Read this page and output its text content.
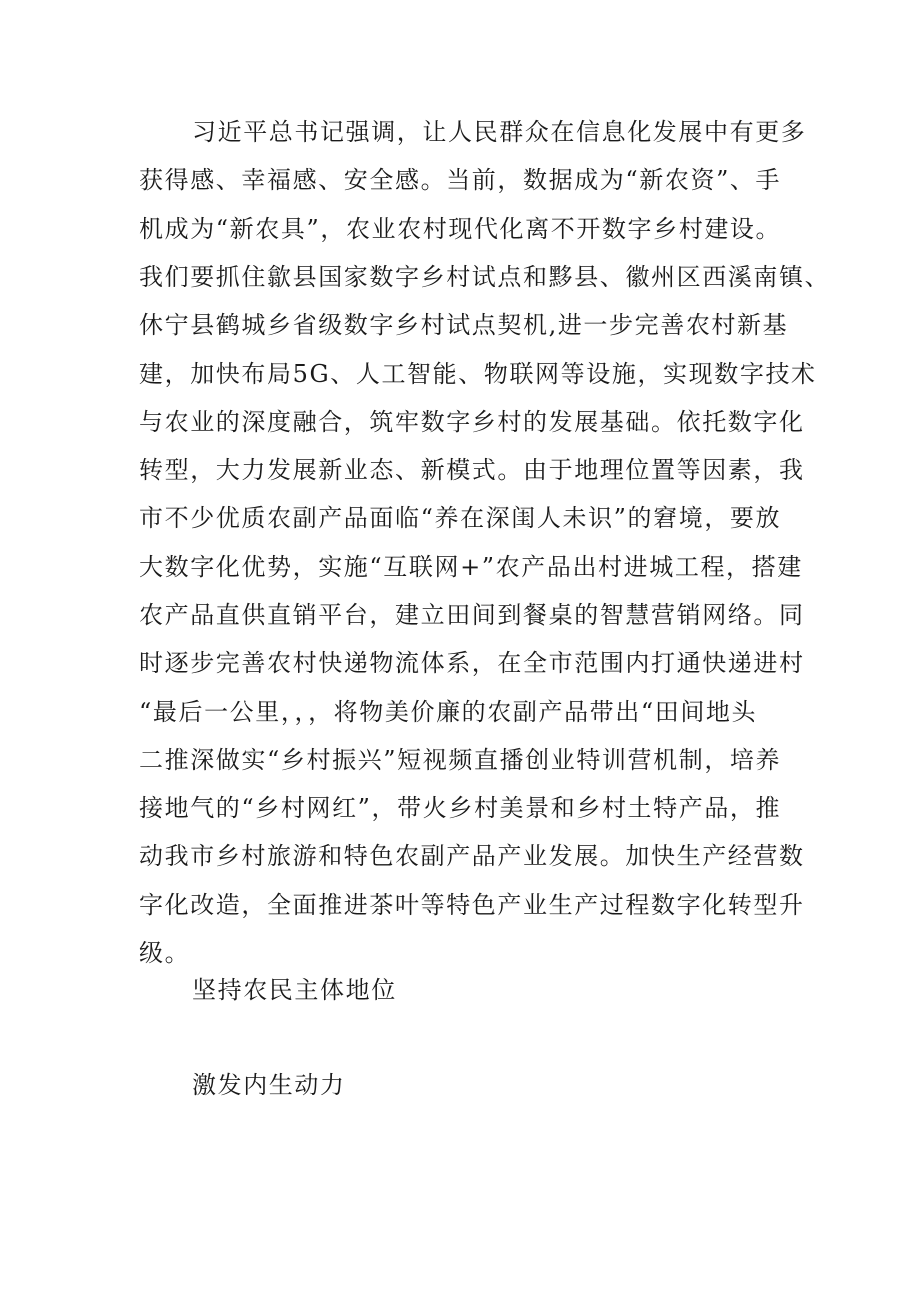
习近平总书记强调，让人民群众在信息化发展中有更多
获得感、幸福感、安全感。当前，数据成为“新农资”、手
机成为“新农具”，农业农村现代化离不开数字乡村建设。
我们要抓住歙县国家数字乡村试点和黟县、徽州区西溪南镇、
休宁县鹤城乡省级数字乡村试点契机,进一步完善农村新基
建，加快布局5G、人工智能、物联网等设施，实现数字技术
与农业的深度融合，筑牢数字乡村的发展基础。依托数字化
转型，大力发展新业态、新模式。由于地理位置等因素，我
市不少优质农副产品面临“养在深闺人未识”的窘境，要放
大数字化优势，实施“互联网+”农产品出村进城工程，搭建
农产品直供直销平台，建立田间到餐桌的智慧营销网络。同
时逐步完善农村快递物流体系，在全市范围内打通快递进村
“最后一公里，，，将物美价廉的农副产品带出“田间地头
二推深做实“乡村振兴”短视频直播创业特训营机制，培养
接地气的“乡村网红”，带火乡村美景和乡村土特产品，推
动我市乡村旅游和特色农副产品产业发展。加快生产经营数
字化改造，全面推进茶叶等特色产业生产过程数字化转型升
级。
坚持农民主体地位
激发内生动力
